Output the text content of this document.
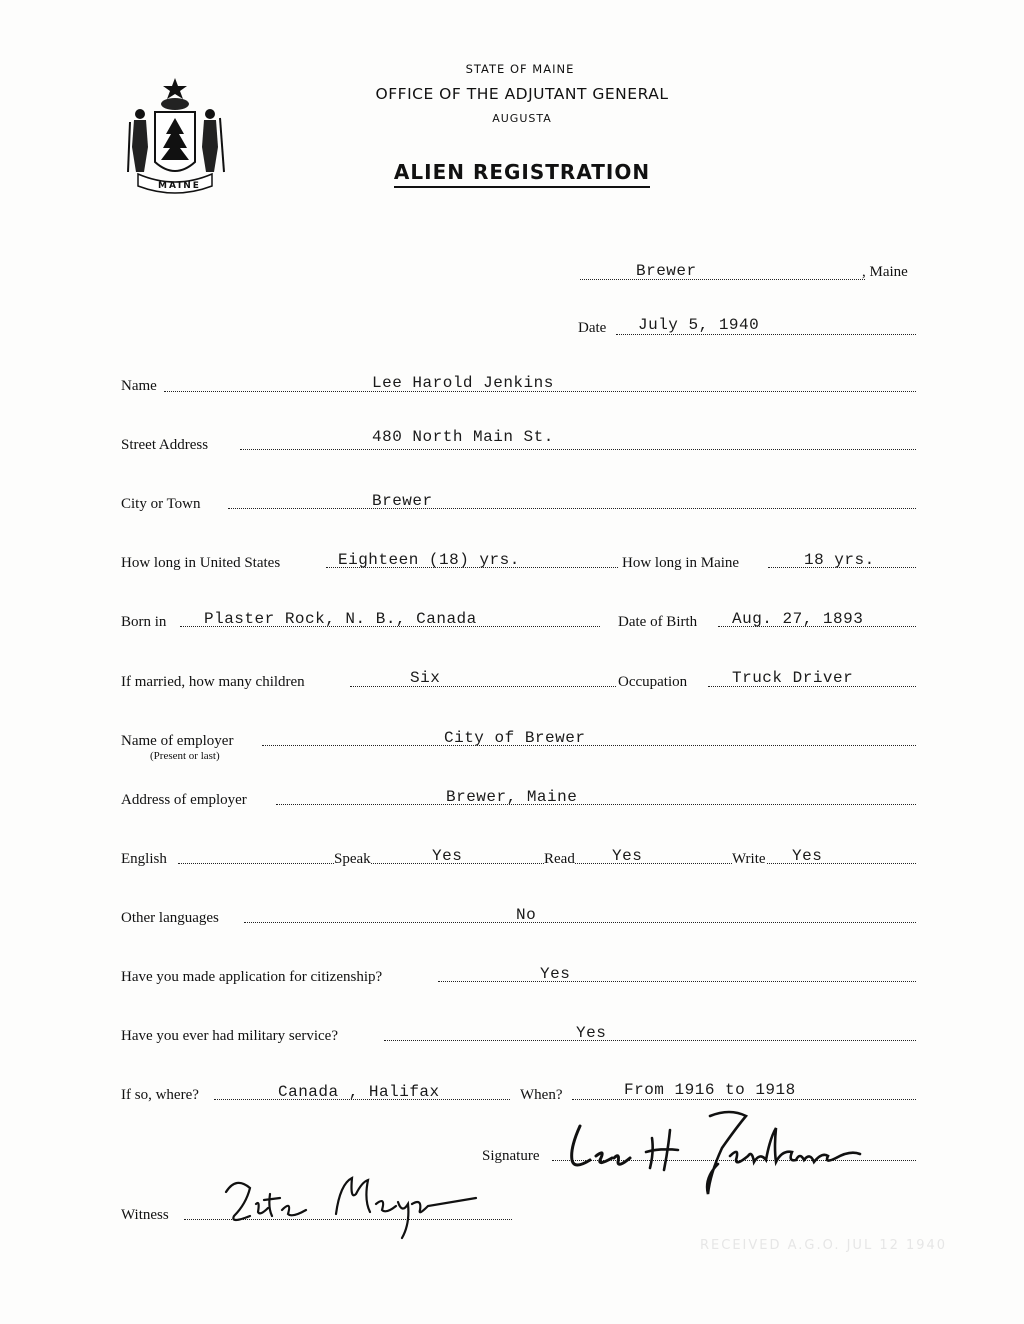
MAINE
STATE OF MAINE
OFFICE OF THE ADJUTANT GENERAL
AUGUSTA
ALIEN REGISTRATION
Brewer	, Maine
Date July 5, 1940
Name	Lee Harold Jenkins
Street Address	480 North Main St.
City or Town	Brewer
How long in United States	Eighteen (18) yrs.	How long in Maine	18 yrs.
Born in Plaster Rock, N. B., Canada	Date of Birth Aug. 27, 1893
If married, how many children	Six	Occupation	Truck Driver
Name of employer
(Present or last)
City of Brewer
Address of employer	Brewer, Maine
English	Speak	Yes	Read Yes	Write Yes
Other languages	No
Have you made application for citizenship?	Yes
Have you ever had military service?	Yes
If so, where?	Canada , Halifax	When?	From 1916 to 1918
Signature
Witness
RECEIVED A.G.O. JUL 12 1940
